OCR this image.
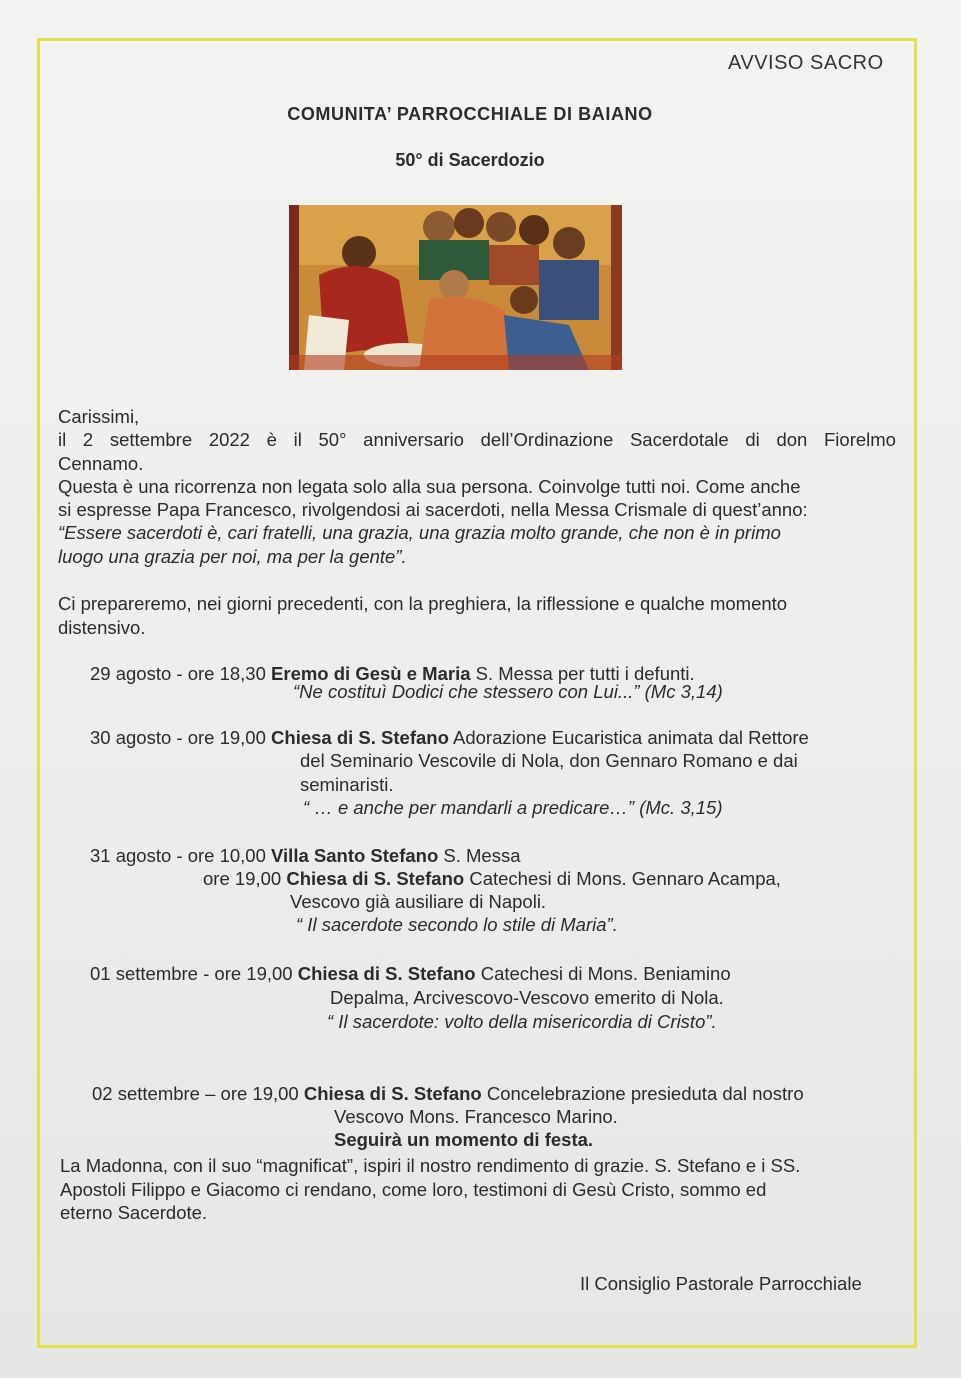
AVVISO SACRO
COMUNITA’ PARROCCHIALE DI BAIANO
50° di Sacerdozio
Carissimi,
il 2 settembre 2022 è il 50° anniversario dell’Ordinazione Sacerdotale di don Fiorelmo
Cennamo.
Questa è una ricorrenza non legata solo alla sua persona. Coinvolge tutti noi. Come anche
si espresse Papa Francesco, rivolgendosi ai sacerdoti, nella Messa Crismale di quest’anno:
“Essere sacerdoti è, cari fratelli, una grazia, una grazia molto grande, che non è in primo
luogo una grazia per noi, ma per la gente”.
Ci prepareremo, nei giorni precedenti, con la preghiera, la riflessione e qualche momento
distensivo.
29 agosto - ore 18,30 Eremo di Gesù e Maria S. Messa per tutti i defunti.
“Ne costituì Dodici che stessero con Lui...” (Mc 3,14)
30 agosto - ore 19,00 Chiesa di S. Stefano Adorazione Eucaristica animata dal Rettore
del Seminario Vescovile di Nola, don Gennaro Romano e dai
seminaristi.
“ … e anche per mandarli a predicare…” (Mc. 3,15)
31 agosto - ore 10,00 Villa Santo Stefano S. Messa
ore 19,00 Chiesa di S. Stefano Catechesi di Mons. Gennaro Acampa,
Vescovo già ausiliare di Napoli.
“ Il sacerdote secondo lo stile di Maria”.
01 settembre - ore 19,00 Chiesa di S. Stefano Catechesi di Mons. Beniamino
Depalma, Arcivescovo-Vescovo emerito di Nola.
“ Il sacerdote: volto della misericordia di Cristo”.
02 settembre – ore 19,00 Chiesa di S. Stefano Concelebrazione presieduta dal nostro
Vescovo Mons. Francesco Marino.
Seguirà un momento di festa.
La Madonna, con il suo “magnificat”, ispiri il nostro rendimento di grazie. S. Stefano e i SS.
Apostoli Filippo e Giacomo ci rendano, come loro, testimoni di Gesù Cristo, sommo ed
eterno Sacerdote.
Il Consiglio Pastorale Parrocchiale
